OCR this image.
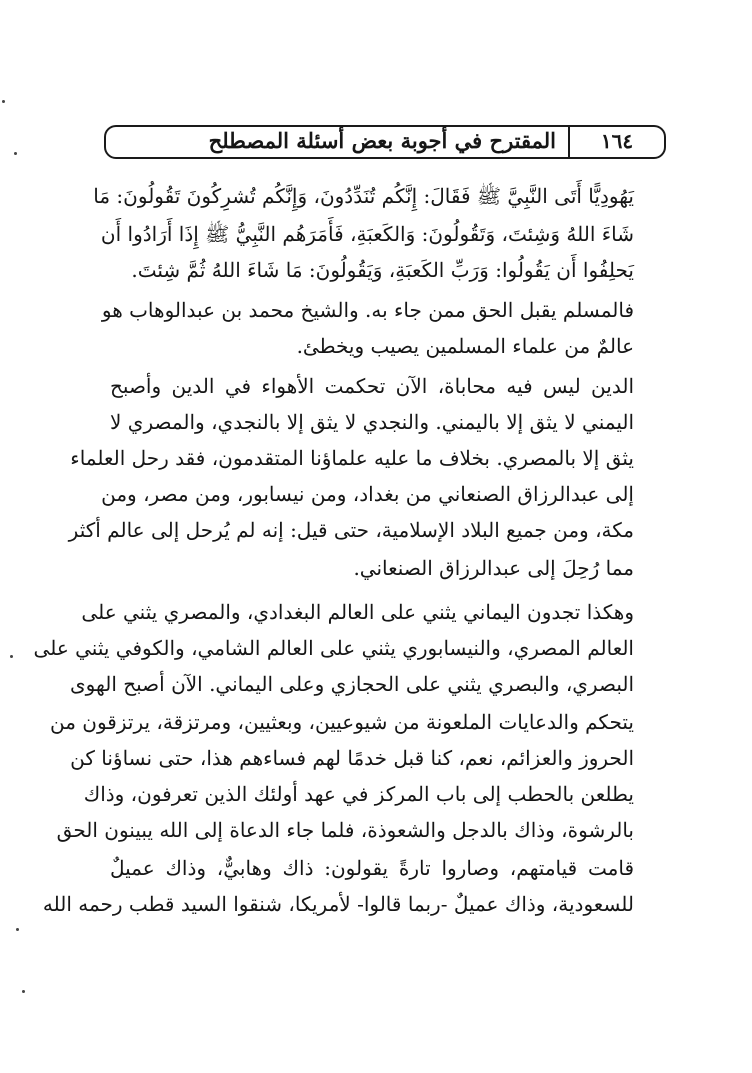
١٦٤
المقترح في أجوبة بعض أسئلة المصطلح
يَهُودِيًّا أَتَى النَّبِيَّ ﷺ فَقَالَ: إِنَّكُم تُنَدِّدُونَ، وَإِنَّكُم تُشرِكُونَ تَقُولُونَ: مَا
شَاءَ اللهُ وَشِئتَ، وَتَقُولُونَ: وَالكَعبَةِ، فَأَمَرَهُم النَّبِيُّ ﷺ إِذَا أَرَادُوا أَن
يَحلِفُوا أَن يَقُولُوا: وَرَبِّ الكَعبَةِ، وَيَقُولُونَ: مَا شَاءَ اللهُ ثُمَّ شِئتَ.
فالمسلم يقبل الحق ممن جاء به. والشيخ محمد بن عبدالوهاب هو
عالمٌ من علماء المسلمين يصيب ويخطئ.
الدين ليس فيه محاباة، الآن تحكمت الأهواء في الدين وأصبح
اليمني لا يثق إلا باليمني. والنجدي لا يثق إلا بالنجدي، والمصري لا
يثق إلا بالمصري. بخلاف ما عليه علماؤنا المتقدمون، فقد رحل العلماء
إلى عبدالرزاق الصنعاني من بغداد، ومن نيسابور، ومن مصر، ومن
مكة، ومن جميع البلاد الإسلامية، حتى قيل: إنه لم يُرحل إلى عالم أكثر
مما رُحِلَ إلى عبدالرزاق الصنعاني.
وهكذا تجدون اليماني يثني على العالم البغدادي، والمصري يثني على
العالم المصري، والنيسابوري يثني على العالم الشامي، والكوفي يثني على
البصري، والبصري يثني على الحجازي وعلى اليماني. الآن أصبح الهوى
يتحكم والدعايات الملعونة من شيوعيين، وبعثيين، ومرتزقة، يرتزقون من
الحروز والعزائم، نعم، كنا قبل خدمًا لهم فساءهم هذا، حتى نساؤنا كن
يطلعن بالحطب إلى باب المركز في عهد أولئك الذين تعرفون، وذاك
بالرشوة، وذاك بالدجل والشعوذة، فلما جاء الدعاة إلى الله يبينون الحق
قامت قيامتهم، وصاروا تارةً يقولون: ذاك وهابيٌّ، وذاك عميلٌ
للسعودية، وذاك عميلٌ -ربما قالوا- لأمريكا، شنقوا السيد قطب رحمه الله
